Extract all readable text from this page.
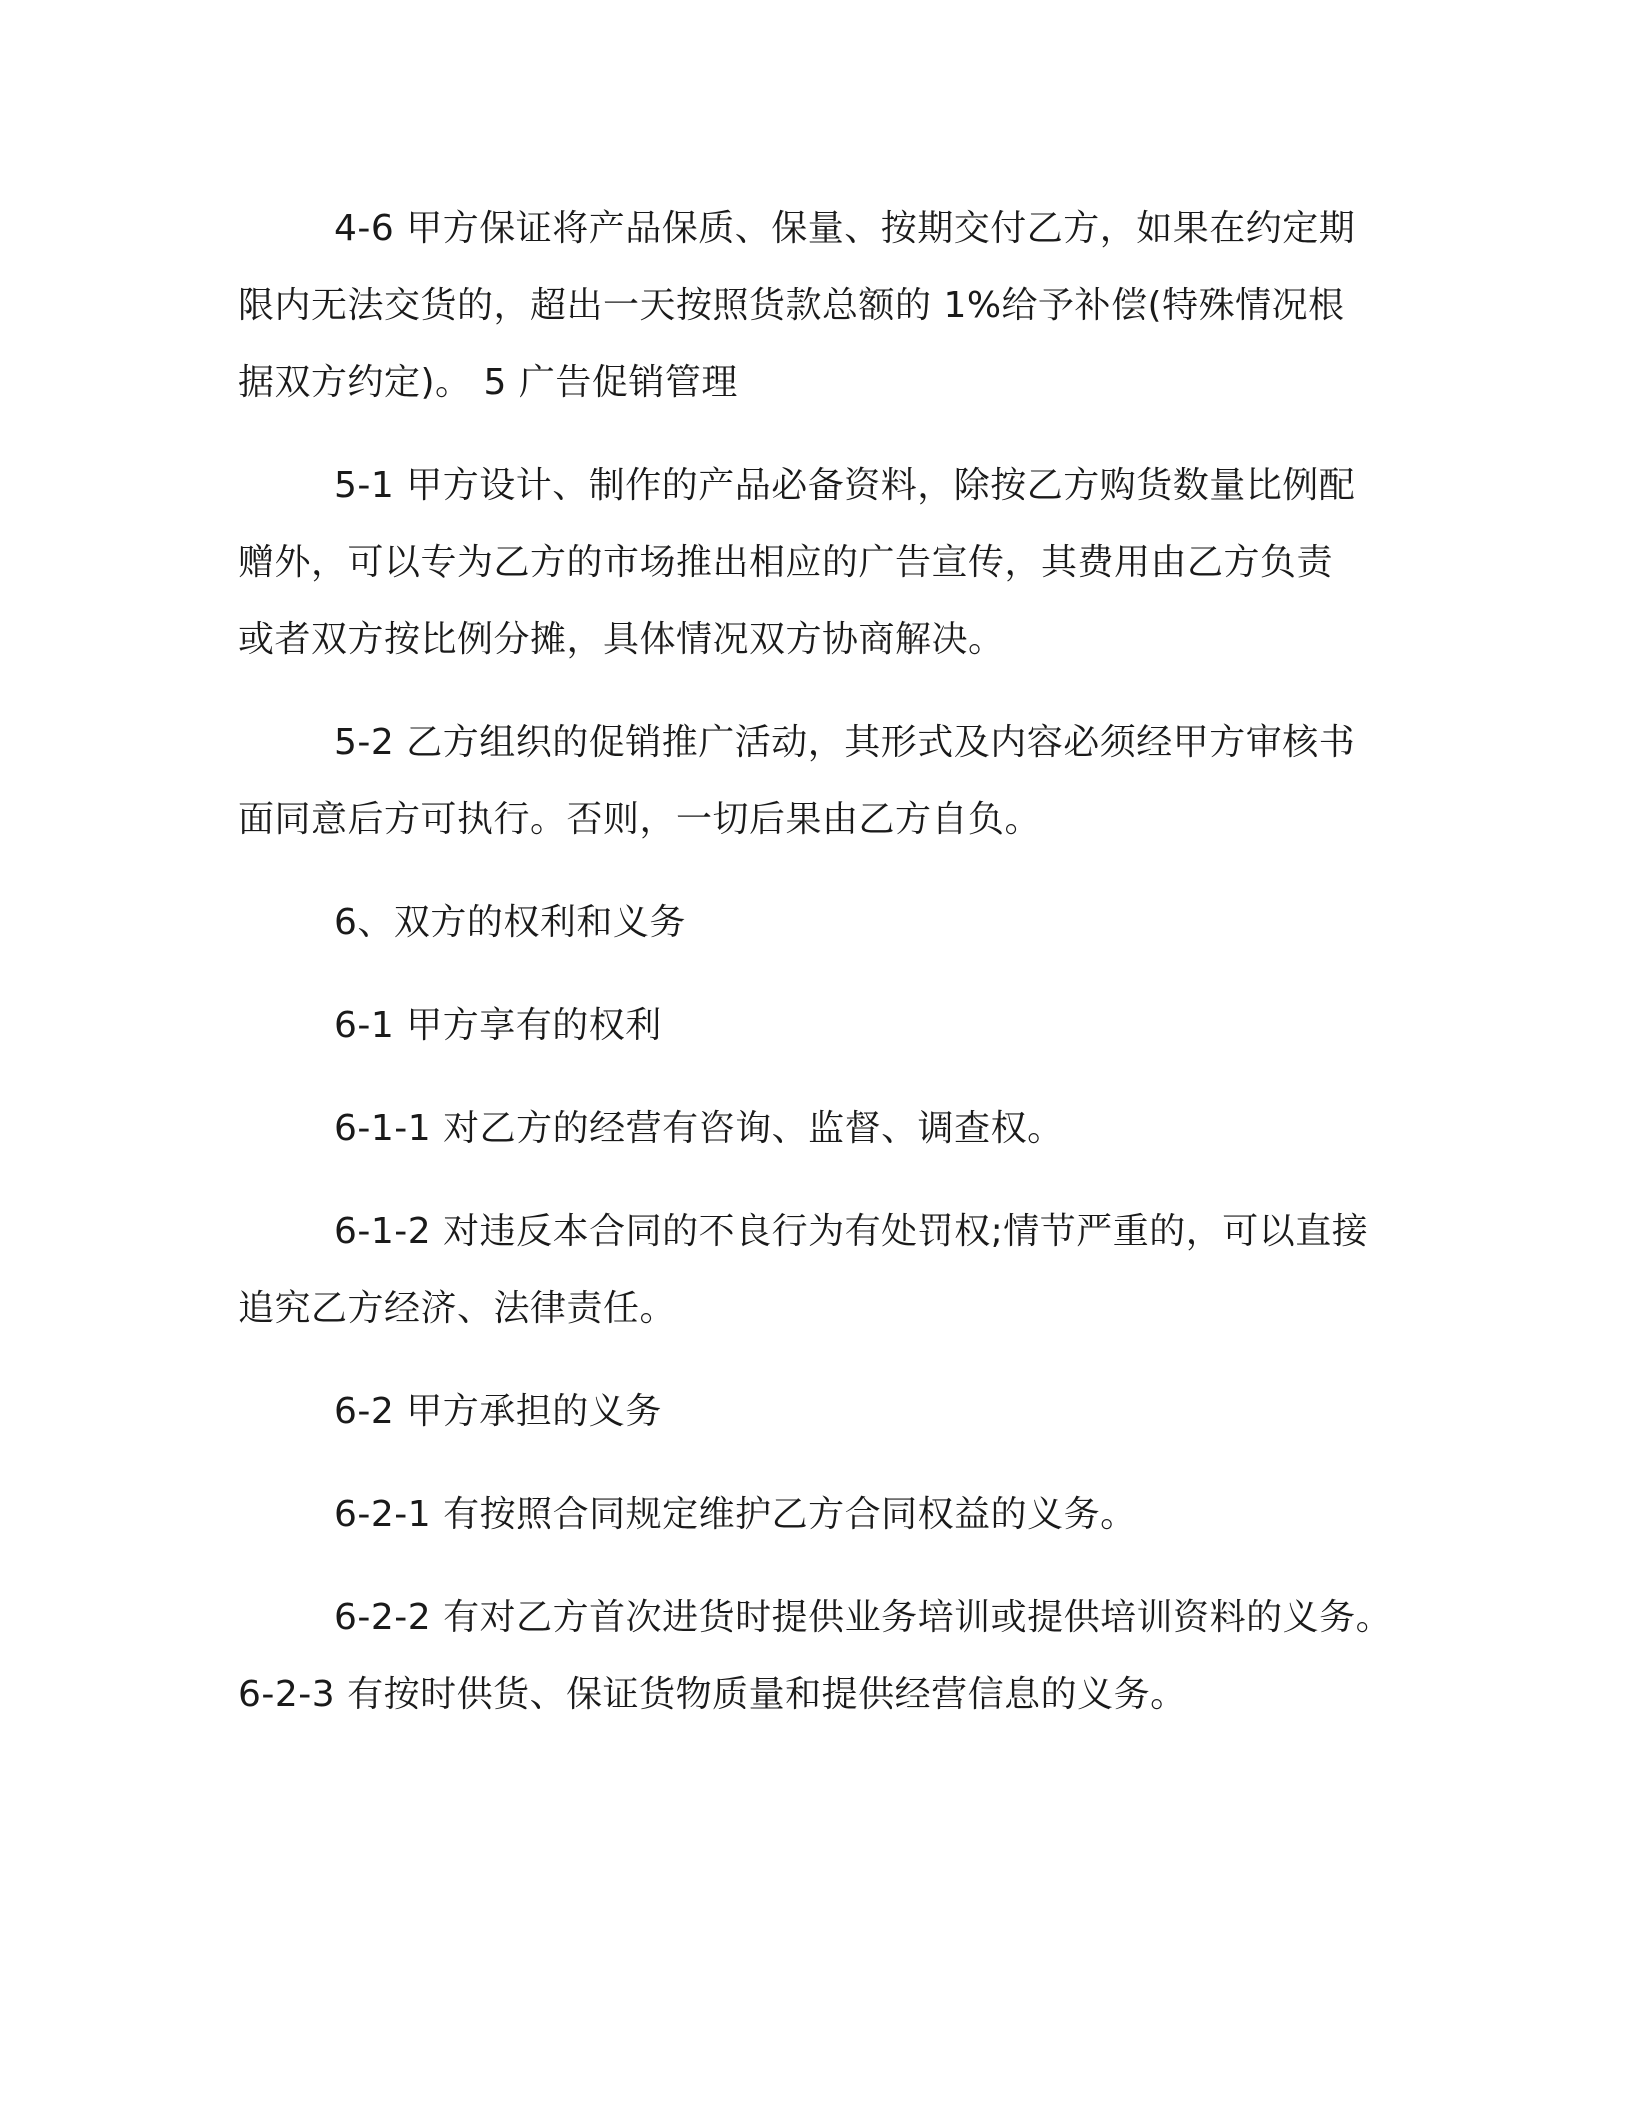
4-6 甲方保证将产品保质、保量、按期交付乙方，如果在约定期
限内无法交货的，超出一天按照货款总额的 1%给予补偿(特殊情况根
据双方约定)。 5 广告促销管理

5-1 甲方设计、制作的产品必备资料，除按乙方购货数量比例配
赠外，可以专为乙方的市场推出相应的广告宣传，其费用由乙方负责
或者双方按比例分摊，具体情况双方协商解决。

5-2 乙方组织的促销推广活动，其形式及内容必须经甲方审核书
面同意后方可执行。否则，一切后果由乙方自负。

6、双方的权利和义务

6-1 甲方享有的权利

6-1-1 对乙方的经营有咨询、监督、调查权。

6-1-2 对违反本合同的不良行为有处罚权;情节严重的，可以直接
追究乙方经济、法律责任。

6-2 甲方承担的义务

6-2-1 有按照合同规定维护乙方合同权益的义务。

6-2-2 有对乙方首次进货时提供业务培训或提供培训资料的义务。

6-2-3 有按时供货、保证货物质量和提供经营信息的义务。
